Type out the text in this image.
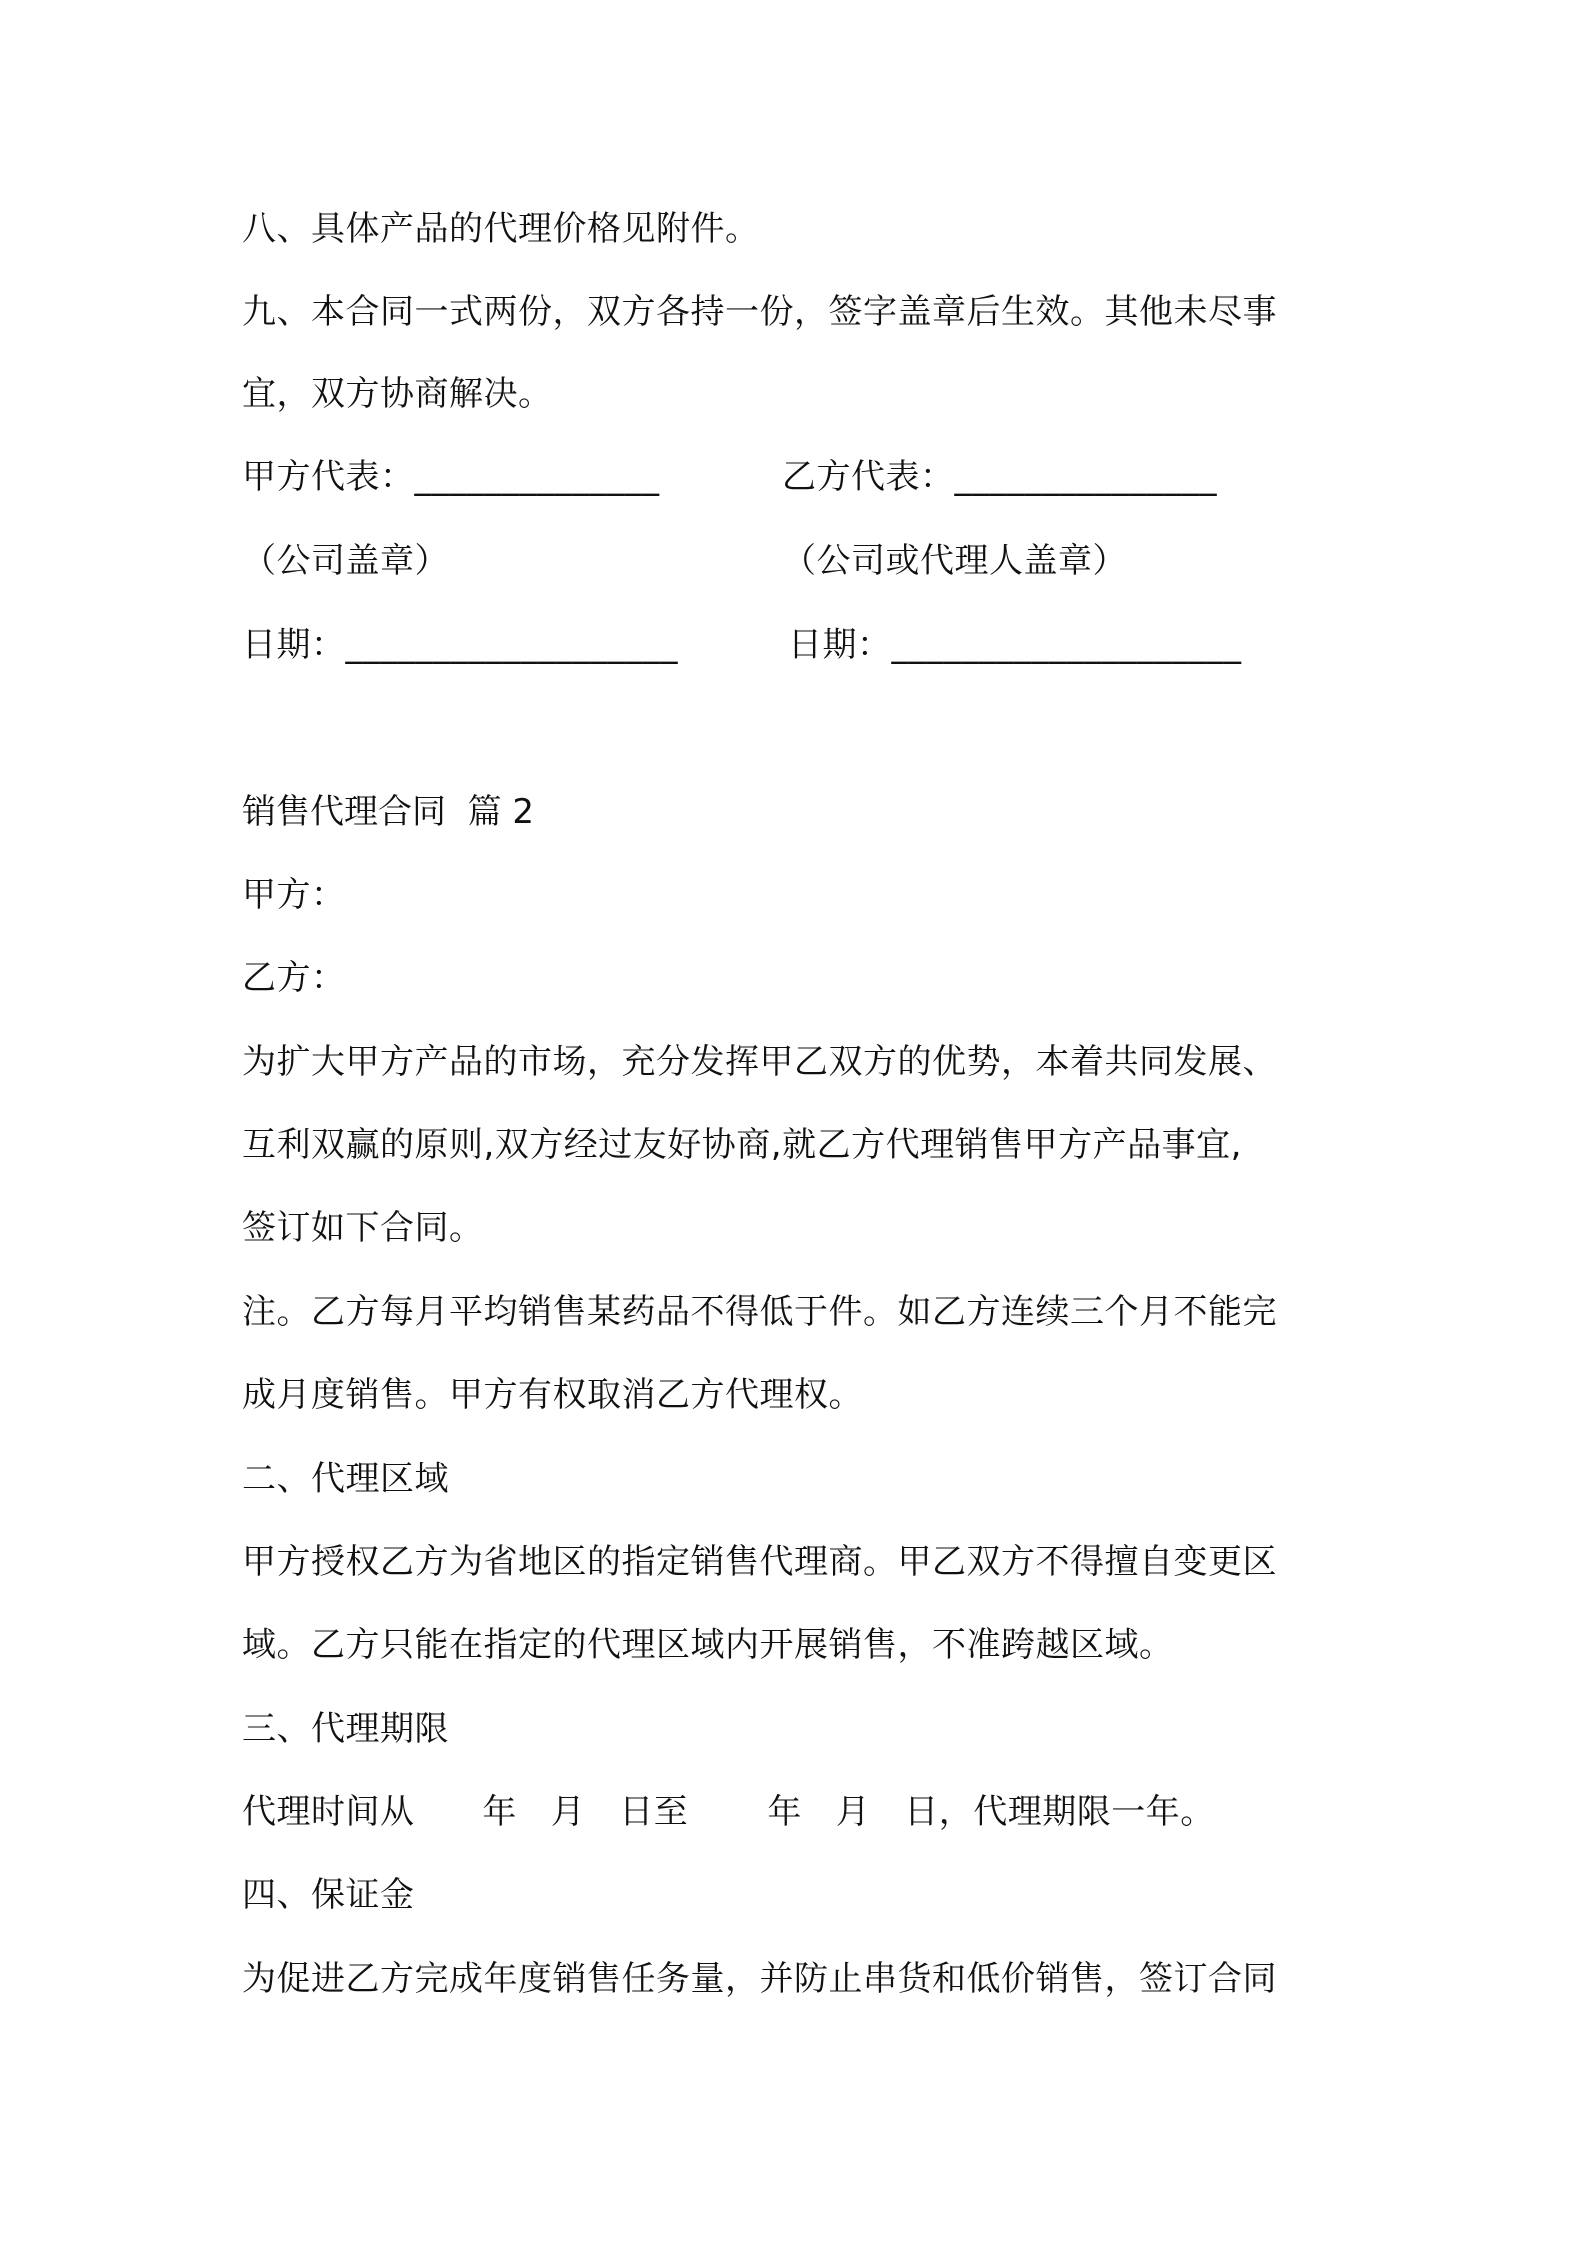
八、具体产品的代理价格见附件。
九、本合同一式两份，双方各持一份，签字盖章后生效。其他未尽事
宜，双方协商解决。
甲方代表：______________	乙方代表：_______________
（公司盖章）	（公司或代理人盖章）
日期：___________________	日期：____________________
销售代理合同  篇 2
甲方：
乙方：
为扩大甲方产品的市场，充分发挥甲乙双方的优势，本着共同发展、
互利双赢的原则,双方经过友好协商,就乙方代理销售甲方产品事宜,
签订如下合同。
注。乙方每月平均销售某药品不得低于件。如乙方连续三个月不能完
成月度销售。甲方有权取消乙方代理权。
二、代理区域
甲方授权乙方为省地区的指定销售代理商。甲乙双方不得擅自变更区
域。乙方只能在指定的代理区域内开展销售，不准跨越区域。
三、代理期限
代理时间从      年   月   日至       年   月   日，代理期限一年。
四、保证金
为促进乙方完成年度销售任务量，并防止串货和低价销售，签订合同
